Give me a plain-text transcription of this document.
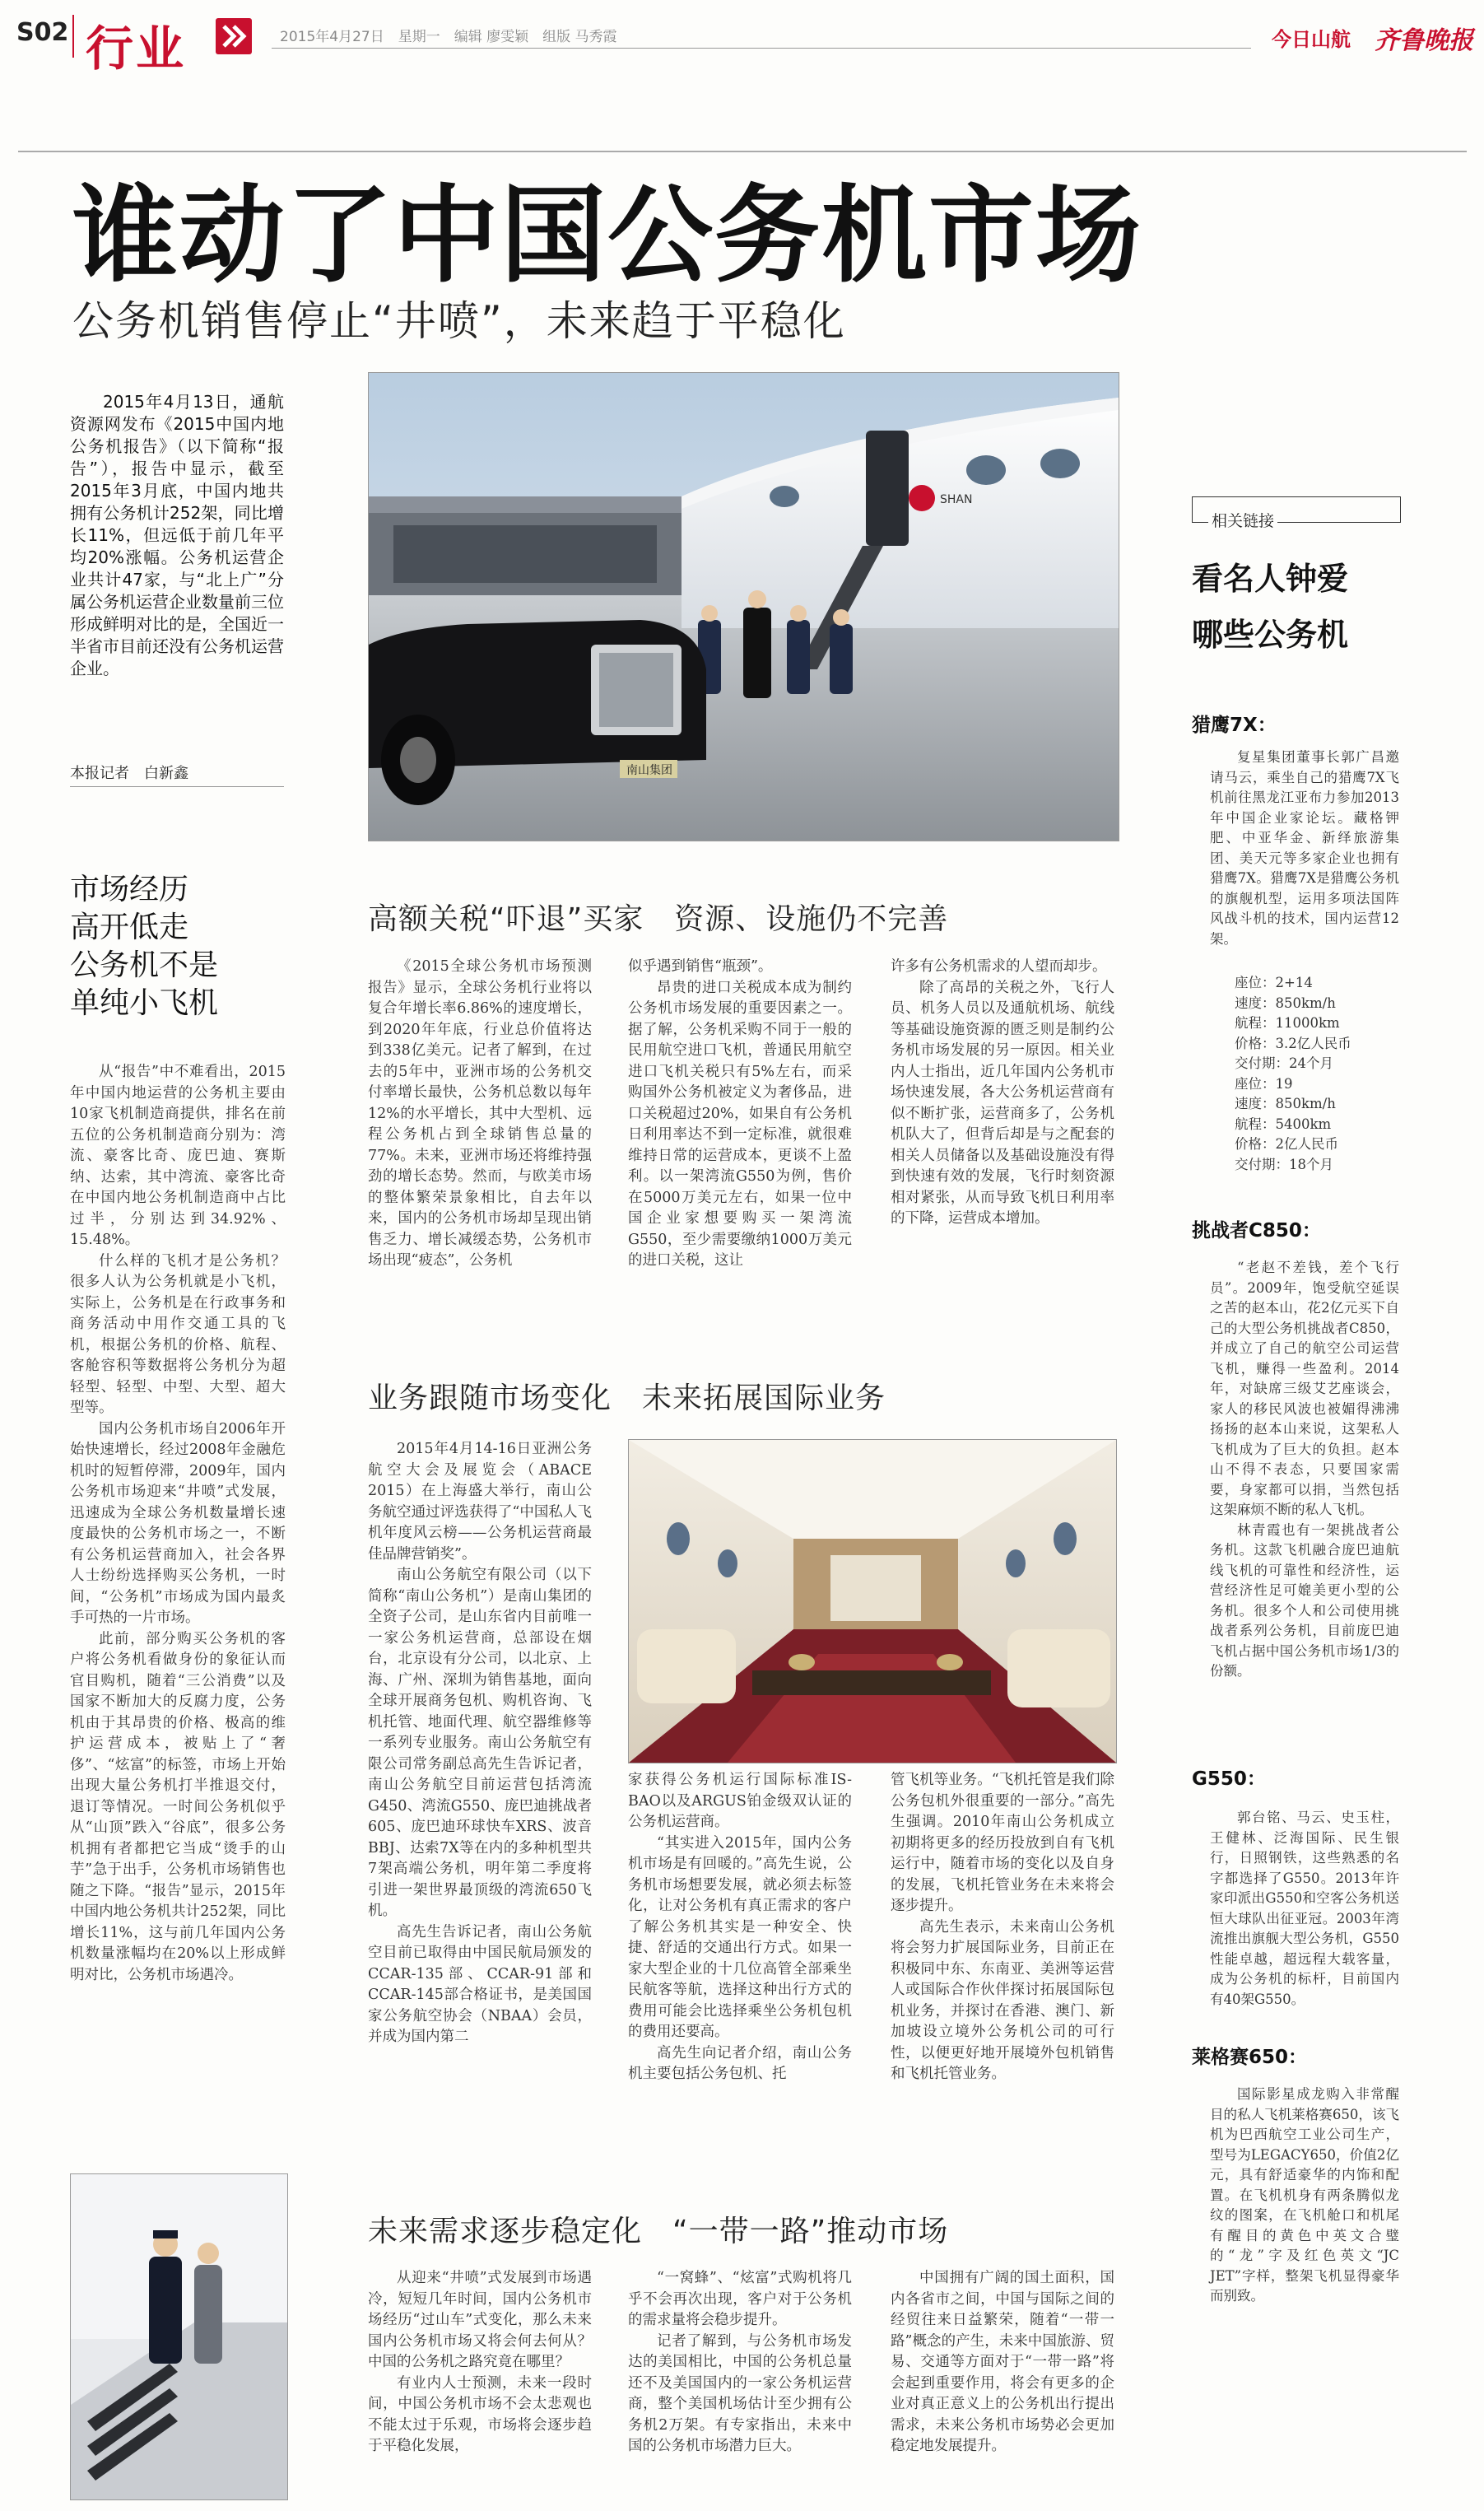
S02 行业	2015年4月27日　星期一　编辑 廖雯颖　组版 马秀霞	今日山航 齐鲁晚报
谁动了中国公务机市场
公务机销售停止“井喷”，未来趋于平稳化
2015年4月13日，通航资源网发布《2015中国内地公务机报告》（以下简称“报告”），报告中显示，截至2015年3月底，中国内地共拥有公务机计252架，同比增长11%，但远低于前几年平均20%涨幅。公务机运营企业共计47家，与“北上广”分属公务机运营企业数量前三位形成鲜明对比的是，全国近一半省市目前还没有公务机运营企业。
本报记者　白新鑫
SHAN
南山集团
相关链接
看名人钟爱
哪些公务机
猎鹰7X：

复星集团董事长郭广昌邀请马云，乘坐自己的猎鹰7X飞机前往黑龙江亚布力参加2013年中国企业家论坛。藏格钾肥、中亚华金、新绎旅游集团、美天元等多家企业也拥有猎鹰7X。猎鹰7X是猎鹰公务机的旗舰机型，运用多项法国阵风战斗机的技术，国内运营12架。

座位：2+14
速度：850km/h
航程：11000km
价格：3.2亿人民币
交付期：24个月
座位：19
速度：850km/h
航程：5400km
价格：2亿人民币
交付期：18个月
挑战者C850：

“老赵不差钱，差个飞行员”。2009年，饱受航空延误之苦的赵本山，花2亿元买下自己的大型公务机挑战者C850，并成立了自己的航空公司运营飞机，赚得一些盈利。2014年，对缺席三级艾艺座谈会，家人的移民风波也被媚得沸沸扬扬的赵本山来说，这架私人飞机成为了巨大的负担。赵本山不得不表态，只要国家需要，身家都可以捐，当然包括这架麻烦不断的私人飞机。

林青霞也有一架挑战者公务机。这款飞机融合庞巴迪航线飞机的可靠性和经济性，运营经济性足可媲美更小型的公务机。很多个人和公司使用挑战者系列公务机，目前庞巴迪飞机占据中国公务机市场1/3的份额。

G550：

郭台铭、马云、史玉柱，王健林、泛海国际、民生银行，日照钢铁，这些熟悉的名字都选择了G550。2013年许家印派出G550和空客公务机送恒大球队出征亚冠。2003年湾流推出旗舰大型公务机，G550性能卓越，超远程大载客量，成为公务机的标杆，目前国内有40架G550。

莱格赛650：

国际影星成龙购入非常醒目的私人飞机莱格赛650，该飞机为巴西航空工业公司生产，型号为LEGACY650，价值2亿元，具有舒适豪华的内饰和配置。在飞机机身有两条腾似龙纹的图案，在飞机舱口和机尾有醒目的黄色中英文合璧的“龙”字及红色英文“JC JET”字样，整架飞机显得豪华而别致。

市场经历
高开低走
公务机不是
单纯小飞机

从“报告”中不难看出，2015年中国内地运营的公务机主要由10家飞机制造商提供，排名在前五位的公务机制造商分别为：湾流、豪客比奇、庞巴迪、赛斯纳、达索，其中湾流、豪客比奇在中国内地公务机制造商中占比过半，分别达到34.92%、15.48%。

什么样的飞机才是公务机？很多人认为公务机就是小飞机，实际上，公务机是在行政事务和商务活动中用作交通工具的飞机，根据公务机的价格、航程、客舱容积等数据将公务机分为超轻型、轻型、中型、大型、超大型等。

国内公务机市场自2006年开始快速增长，经过2008年金融危机时的短暂停滞，2009年，国内公务机市场迎来“井喷”式发展，迅速成为全球公务机数量增长速度最快的公务机市场之一，不断有公务机运营商加入，社会各界人士纷纷选择购买公务机，一时间，“公务机”市场成为国内最炙手可热的一片市场。

此前，部分购买公务机的客户将公务机看做身份的象征认而官目购机，随着“三公消费”以及国家不断加大的反腐力度，公务机由于其昂贵的价格、极高的维护运营成本，被贴上了“奢侈”、“炫富”的标签，市场上开始出现大量公务机打半推退交付，退订等情况。一时间公务机似乎从“山顶”跌入“谷底”，很多公务机拥有者都把它当成“烫手的山芋”急于出手，公务机市场销售也随之下降。“报告”显示，2015年中国内地公务机共计252架，同比增长11%，这与前几年国内公务机数量涨幅均在20%以上形成鲜明对比，公务机市场遇冷。

高额关税“吓退”买家　资源、设施仍不完善

《2015全球公务机市场预测报告》显示，全球公务机行业将以复合年增长率6.86%的速度增长，到2020年年底，行业总价值将达到338亿美元。记者了解到，在过去的5年中，亚洲市场的公务机交付率增长最快，公务机总数以每年12%的水平增长，其中大型机、远程公务机占到全球销售总量的77%。未来，亚洲市场还将维持强劲的增长态势。然而，与欧美市场的整体繁荣景象相比，自去年以来，国内的公务机市场却呈现出销售乏力、增长减缓态势，公务机市场出现“疲态”，公务机

似乎遇到销售“瓶颈”。

昂贵的进口关税成本成为制约公务机市场发展的重要因素之一。据了解，公务机采购不同于一般的民用航空进口飞机，普通民用航空进口飞机关税只有5%左右，而采购国外公务机被定义为奢侈品，进口关税超过20%，如果自有公务机日利用率达不到一定标准，就很难维持日常的运营成本，更谈不上盈利。以一架湾流G550为例，售价在5000万美元左右，如果一位中国企业家想要购买一架湾流G550，至少需要缴纳1000万美元的进口关税，这让

许多有公务机需求的人望而却步。

除了高昂的关税之外，飞行人员、机务人员以及通航机场、航线等基础设施资源的匮乏则是制约公务机市场发展的另一原因。相关业内人士指出，近几年国内公务机市场快速发展，各大公务机运营商有似不断扩张，运营商多了，公务机机队大了，但背后却是与之配套的相关人员储备以及基础设施没有得到快速有效的发展，飞行时刻资源相对紧张，从而导致飞机日利用率的下降，运营成本增加。

业务跟随市场变化　未来拓展国际业务

2015年4月14-16日亚洲公务航空大会及展览会（ABACE 2015）在上海盛大举行，南山公务航空通过评选获得了“中国私人飞机年度风云榜——公务机运营商最佳品牌营销奖”。

南山公务航空有限公司（以下简称“南山公务机”）是南山集团的全资子公司，是山东省内目前唯一一家公务机运营商，总部设在烟台，北京设有分公司，以北京、上海、广州、深圳为销售基地，面向全球开展商务包机、购机咨询、飞机托管、地面代理、航空器维修等一系列专业服务。南山公务航空有限公司常务副总高先生告诉记者，南山公务航空目前运营包括湾流G450、湾流G550、庞巴迪挑战者605、庞巴迪环球快车XRS、波音BBJ、达索7X等在内的多种机型共7架高端公务机，明年第二季度将引进一架世界最顶级的湾流650飞机。

高先生告诉记者，南山公务航空目前已取得由中国民航局颁发的CCAR-135部、CCAR-91部和CCAR-145部合格证书，是美国国家公务航空协会（NBAA）会员，并成为国内第二

家获得公务机运行国际标准IS-BAO以及ARGUS铂金级双认证的公务机运营商。

“其实进入2015年，国内公务机市场是有回暖的。”高先生说，公务机市场想要发展，就必须去标签化，让对公务机有真正需求的客户了解公务机其实是一种安全、快捷、舒适的交通出行方式。如果一家大型企业的十几位高管全部乘坐民航客等航，选择这种出行方式的费用可能会比选择乘坐公务机包机的费用还要高。

高先生向记者介绍，南山公务机主要包括公务包机、托

管飞机等业务。“飞机托管是我们除公务包机外很重要的一部分。”高先生强调。2010年南山公务机成立初期将更多的经历投放到自有飞机运行中，随着市场的变化以及自身的发展，飞机托管业务在未来将会逐步提升。

高先生表示，未来南山公务机将会努力扩展国际业务，目前正在积极同中东、东南亚、美洲等运营人或国际合作伙伴探讨拓展国际包机业务，并探讨在香港、澳门、新加坡设立境外公务机公司的可行性，以便更好地开展境外包机销售和飞机托管业务。

未来需求逐步稳定化　“一带一路”推动市场

从迎来“井喷”式发展到市场遇冷，短短几年时间，国内公务机市场经历“过山车”式变化，那么未来国内公务机市场又将会何去何从？中国的公务机之路究竟在哪里？

有业内人士预测，未来一段时间，中国公务机市场不会太悲观也不能太过于乐观，市场将会逐步趋于平稳化发展，

“一窝蜂”、“炫富”式购机将几乎不会再次出现，客户对于公务机的需求量将会稳步提升。

记者了解到，与公务机市场发达的美国相比，中国的公务机总量还不及美国国内的一家公务机运营商，整个美国机场估计至少拥有公务机2万架。有专家指出，未来中国的公务机市场潜力巨大。

中国拥有广阔的国土面积，国内各省市之间，中国与国际之间的经贸往来日益繁荣，随着“一带一路”概念的产生，未来中国旅游、贸易、交通等方面对于“一带一路”将会起到重要作用，将会有更多的企业对真正意义上的公务机出行提出需求，未来公务机市场势必会更加稳定地发展提升。
